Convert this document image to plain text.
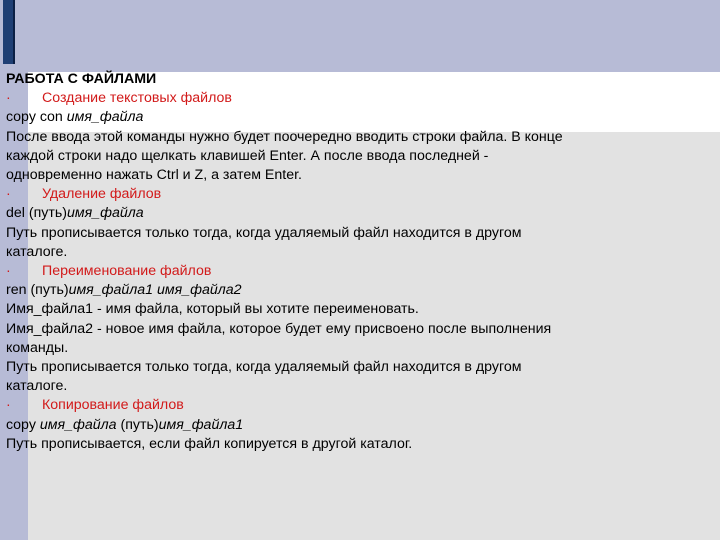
РАБОТА С ФАЙЛАМИ
· Создание текстовых файлов
copy con имя_файла
После ввода этой команды нужно будет поочередно вводить строки файла. В конце
каждой строки надо щелкать клавишей Enter. А после ввода последней -
одновременно нажать Ctrl и Z, а затем Enter.
· Удаление файлов
del (путь)имя_файла
Путь прописывается только тогда, когда удаляемый файл находится в другом
каталоге.
· Переименование файлов
ren (путь)имя_файла1 имя_файла2
Имя_файла1 - имя файла, который вы хотите переименовать.
Имя_файла2 - новое имя файла, которое будет ему присвоено после выполнения
команды.
Путь прописывается только тогда, когда удаляемый файл находится в другом
каталоге.
· Копирование файлов
copy имя_файла (путь)имя_файла1
Путь прописывается, если файл копируется в другой каталог.
